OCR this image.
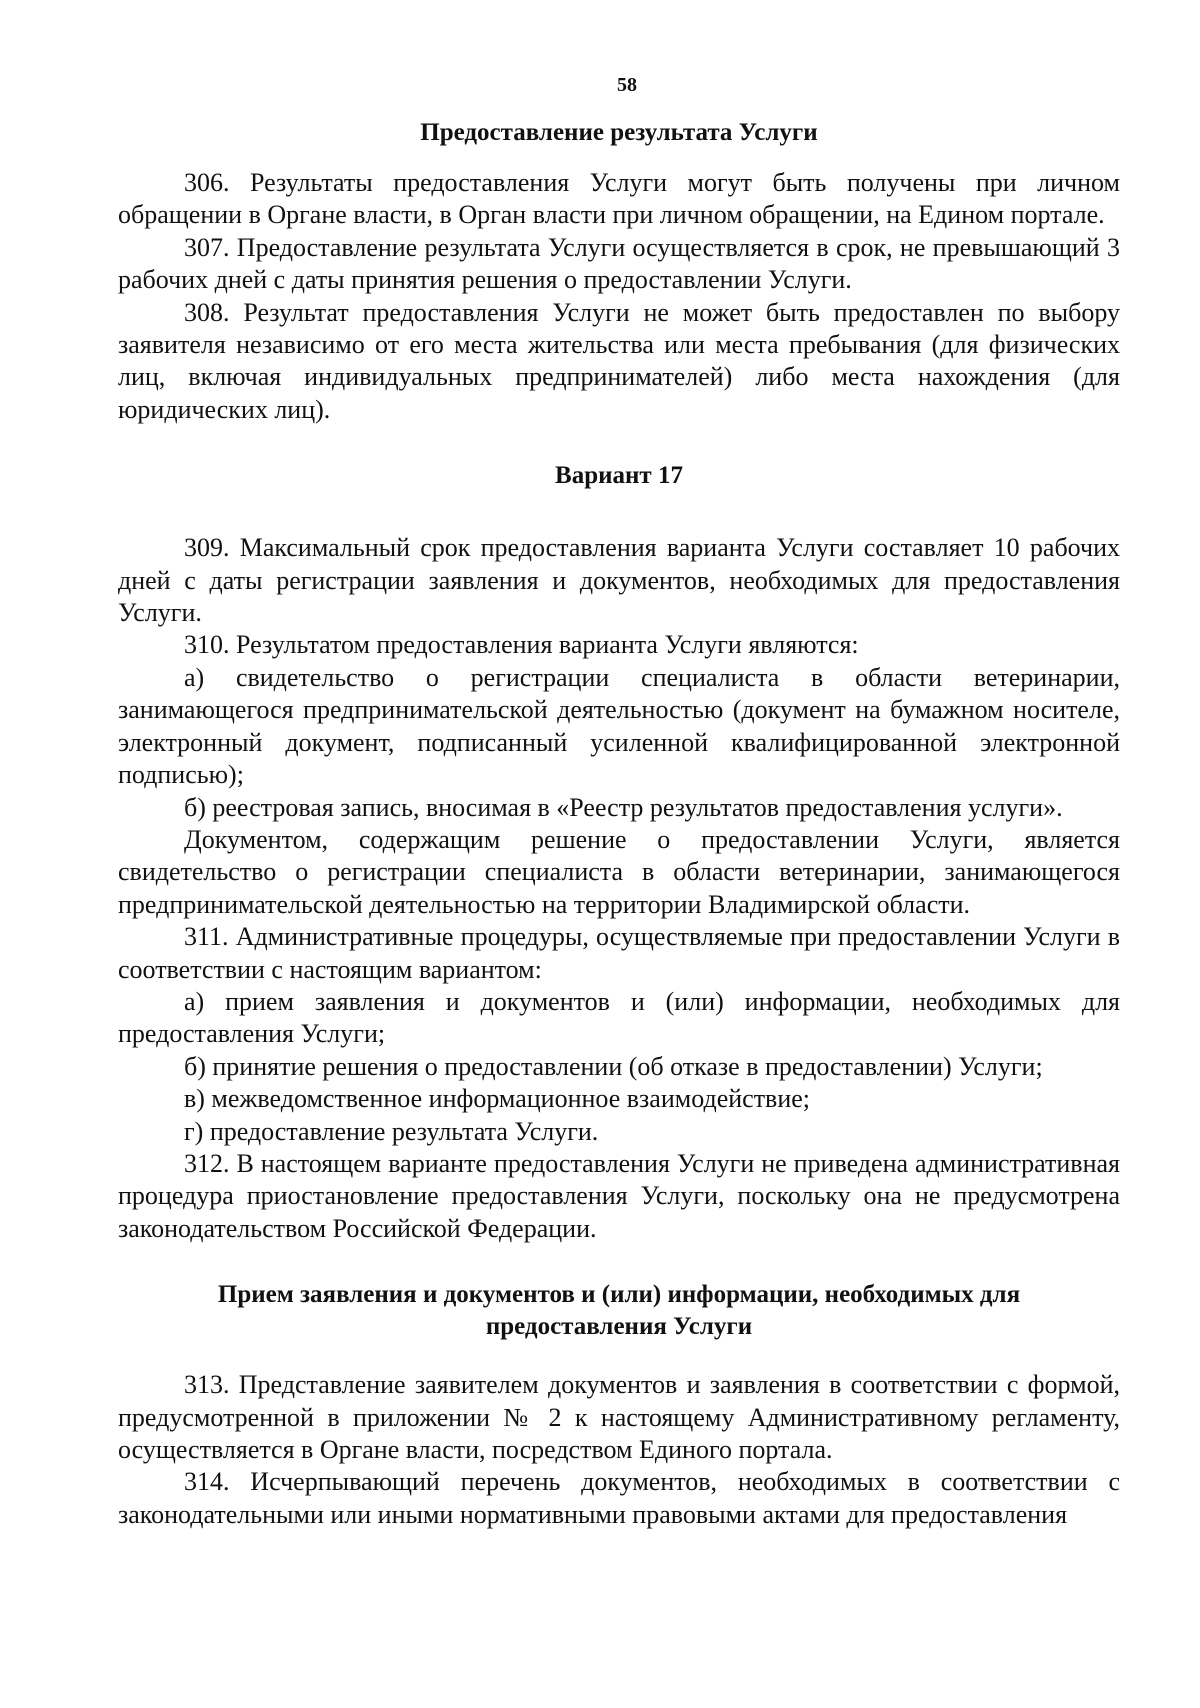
58
Предоставление результата Услуги

306. Результаты предоставления Услуги могут быть получены при личном обращении в Органе власти, в Орган власти при личном обращении, на Едином портале.

307. Предоставление результата Услуги осуществляется в срок, не превышающий 3 рабочих дней с даты принятия решения о предоставлении Услуги.

308. Результат предоставления Услуги не может быть предоставлен по выбору заявителя независимо от его места жительства или места пребывания (для физических лиц, включая индивидуальных предпринимателей) либо места нахождения (для юридических лиц).

Вариант 17

309. Максимальный срок предоставления варианта Услуги составляет 10 рабочих дней с даты регистрации заявления и документов, необходимых для предоставления Услуги.

310. Результатом предоставления варианта Услуги являются:

а) свидетельство о регистрации специалиста в области ветеринарии, занимающегося предпринимательской деятельностью (документ на бумажном носителе, электронный документ, подписанный усиленной квалифицированной электронной подписью);

б) реестровая запись, вносимая в «Реестр результатов предоставления услуги».

Документом, содержащим решение о предоставлении Услуги, является свидетельство о регистрации специалиста в области ветеринарии, занимающегося предпринимательской деятельностью на территории Владимирской области.

311. Административные процедуры, осуществляемые при предоставлении Услуги в соответствии с настоящим вариантом:

а) прием заявления и документов и (или) информации, необходимых для предоставления Услуги;

б) принятие решения о предоставлении (об отказе в предоставлении) Услуги;

в) межведомственное информационное взаимодействие;

г) предоставление результата Услуги.

312. В настоящем варианте предоставления Услуги не приведена административная процедура приостановление предоставления Услуги, поскольку она не предусмотрена законодательством Российской Федерации.

Прием заявления и документов и (или) информации, необходимых для
предоставления Услуги

313. Представление заявителем документов и заявления в соответствии с формой, предусмотренной в приложении № 2 к настоящему Административному регламенту, осуществляется в Органе власти, посредством Единого портала.

314. Исчерпывающий перечень документов, необходимых в соответствии с законодательными или иными нормативными правовыми актами для предоставления
